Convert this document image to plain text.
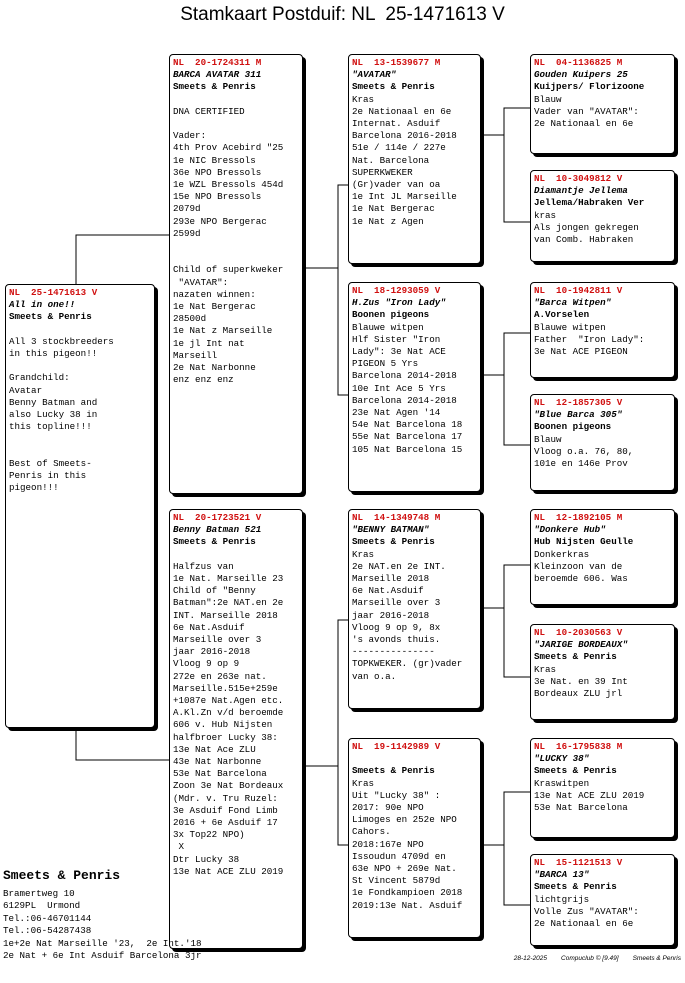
Stamkaart Postduif: NL  25-1471613 V
NL  25-1471613 V
All in one!!
Smeets & Penris
All 3 stockbreeders
in this pigeon!!
Grandchild:
Avatar
Benny Batman and
also Lucky 38 in
this topline!!!
Best of Smeets-
Penris in this
pigeon!!!
NL  20-1724311 M
BARCA AVATAR 311
Smeets & Penris
DNA CERTIFIED
Vader:
4th Prov Acebird "25
1e NIC Bressols
36e NPO Bressols
1e WZL Bressols 454d
15e NPO Bressols
2079d
293e NPO Bergerac
2599d
Child of superkweker
"AVATAR":
nazaten winnen:
1e Nat Bergerac
28500d
1e Nat z Marseille
1e jl Int nat
Marseill
2e Nat Narbonne
enz enz enz
NL  20-1723521 V
Benny Batman 521
Smeets & Penris
Halfzus van
1e Nat. Marseille 23
Child of "Benny
Batman":2e NAT.en 2e
INT. Marseille 2018
6e Nat.Asduif
Marseille over 3
jaar 2016-2018
Vloog 9 op 9
272e en 263e nat.
Marseille.515e+259e
+1087e Nat.Agen etc.
A.Kl.Zn v/d beroemde
606 v. Hub Nijsten
halfbroer Lucky 38:
13e Nat Ace ZLU
43e Nat Narbonne
53e Nat Barcelona
Zoon 3e Nat Bordeaux
(Mdr. v. Tru Ruzel:
3e Asduif Fond Limb
2016 + 6e Asduif 17
3x Top22 NPO)
X
Dtr Lucky 38
13e Nat ACE ZLU 2019
NL  13-1539677 M
"AVATAR"
Smeets & Penris
Kras
2e Nationaal en 6e
Internat. Asduif
Barcelona 2016-2018
51e / 114e / 227e
Nat. Barcelona
SUPERKWEKER
(Gr)vader van oa
1e Int JL Marseille
1e Nat Bergerac
1e Nat z Agen
NL  18-1293059 V
H.Zus "Iron Lady"
Boonen pigeons
Blauwe witpen
Hlf Sister "Iron
Lady": 3e Nat ACE
PIGEON 5 Yrs
Barcelona 2014-2018
10e Int Ace 5 Yrs
Barcelona 2014-2018
23e Nat Agen '14
54e Nat Barcelona 18
55e Nat Barcelona 17
105 Nat Barcelona 15
NL  14-1349748 M
"BENNY BATMAN"
Smeets & Penris
Kras
2e NAT.en 2e INT.
Marseille 2018
6e Nat.Asduif
Marseille over 3
jaar 2016-2018
Vloog 9 op 9, 8x
's avonds thuis.
---------------
TOPKWEKER. (gr)vader
van o.a.
NL  19-1142989 V
Smeets & Penris
Kras
Uit "Lucky 38" :
2017: 90e NPO
Limoges en 252e NPO
Cahors.
2018:167e NPO
Issoudun 4709d en
63e NPO + 269e Nat.
St Vincent 5879d
1e Fondkampioen 2018
2019:13e Nat. Asduif
NL  04-1136825 M
Gouden Kuipers 25
Kuijpers/ Florizoone
Blauw
Vader van "AVATAR":
2e Nationaal en 6e
NL  10-3049812 V
Diamantje Jellema
Jellema/Habraken Ver
kras
Als jongen gekregen
van Comb. Habraken
NL  10-1942811 V
"Barca Witpen"
A.Vorselen
Blauwe witpen
Father  "Iron Lady":
3e Nat ACE PIGEON
NL  12-1857305 V
"Blue Barca 305"
Boonen pigeons
Blauw
Vloog o.a. 76, 80,
101e en 146e Prov
NL  12-1892105 M
"Donkere Hub"
Hub Nijsten Geulle
Donkerkras
Kleinzoon van de
beroemde 606. Was
NL  10-2030563 V
"JARIGE BORDEAUX"
Smeets & Penris
Kras
3e Nat. en 39 Int
Bordeaux ZLU jrl
NL  16-1795838 M
"LUCKY 38"
Smeets & Penris
Kraswitpen
13e Nat ACE ZLU 2019
53e Nat Barcelona
NL  15-1121513 V
"BARCA 13"
Smeets & Penris
lichtgrijs
Volle Zus "AVATAR":
2e Nationaal en 6e
Smeets & Penris
Bramertweg 10
6129PL  Urmond
Tel.:06-46701144
Tel.:06-54287438
1e+2e Nat Marseille '23,  2e Int.'18
2e Nat + 6e Int Asduif Barcelona 3jr	28-12-2025 Compuclub © [9.49] Smeets & Penris
